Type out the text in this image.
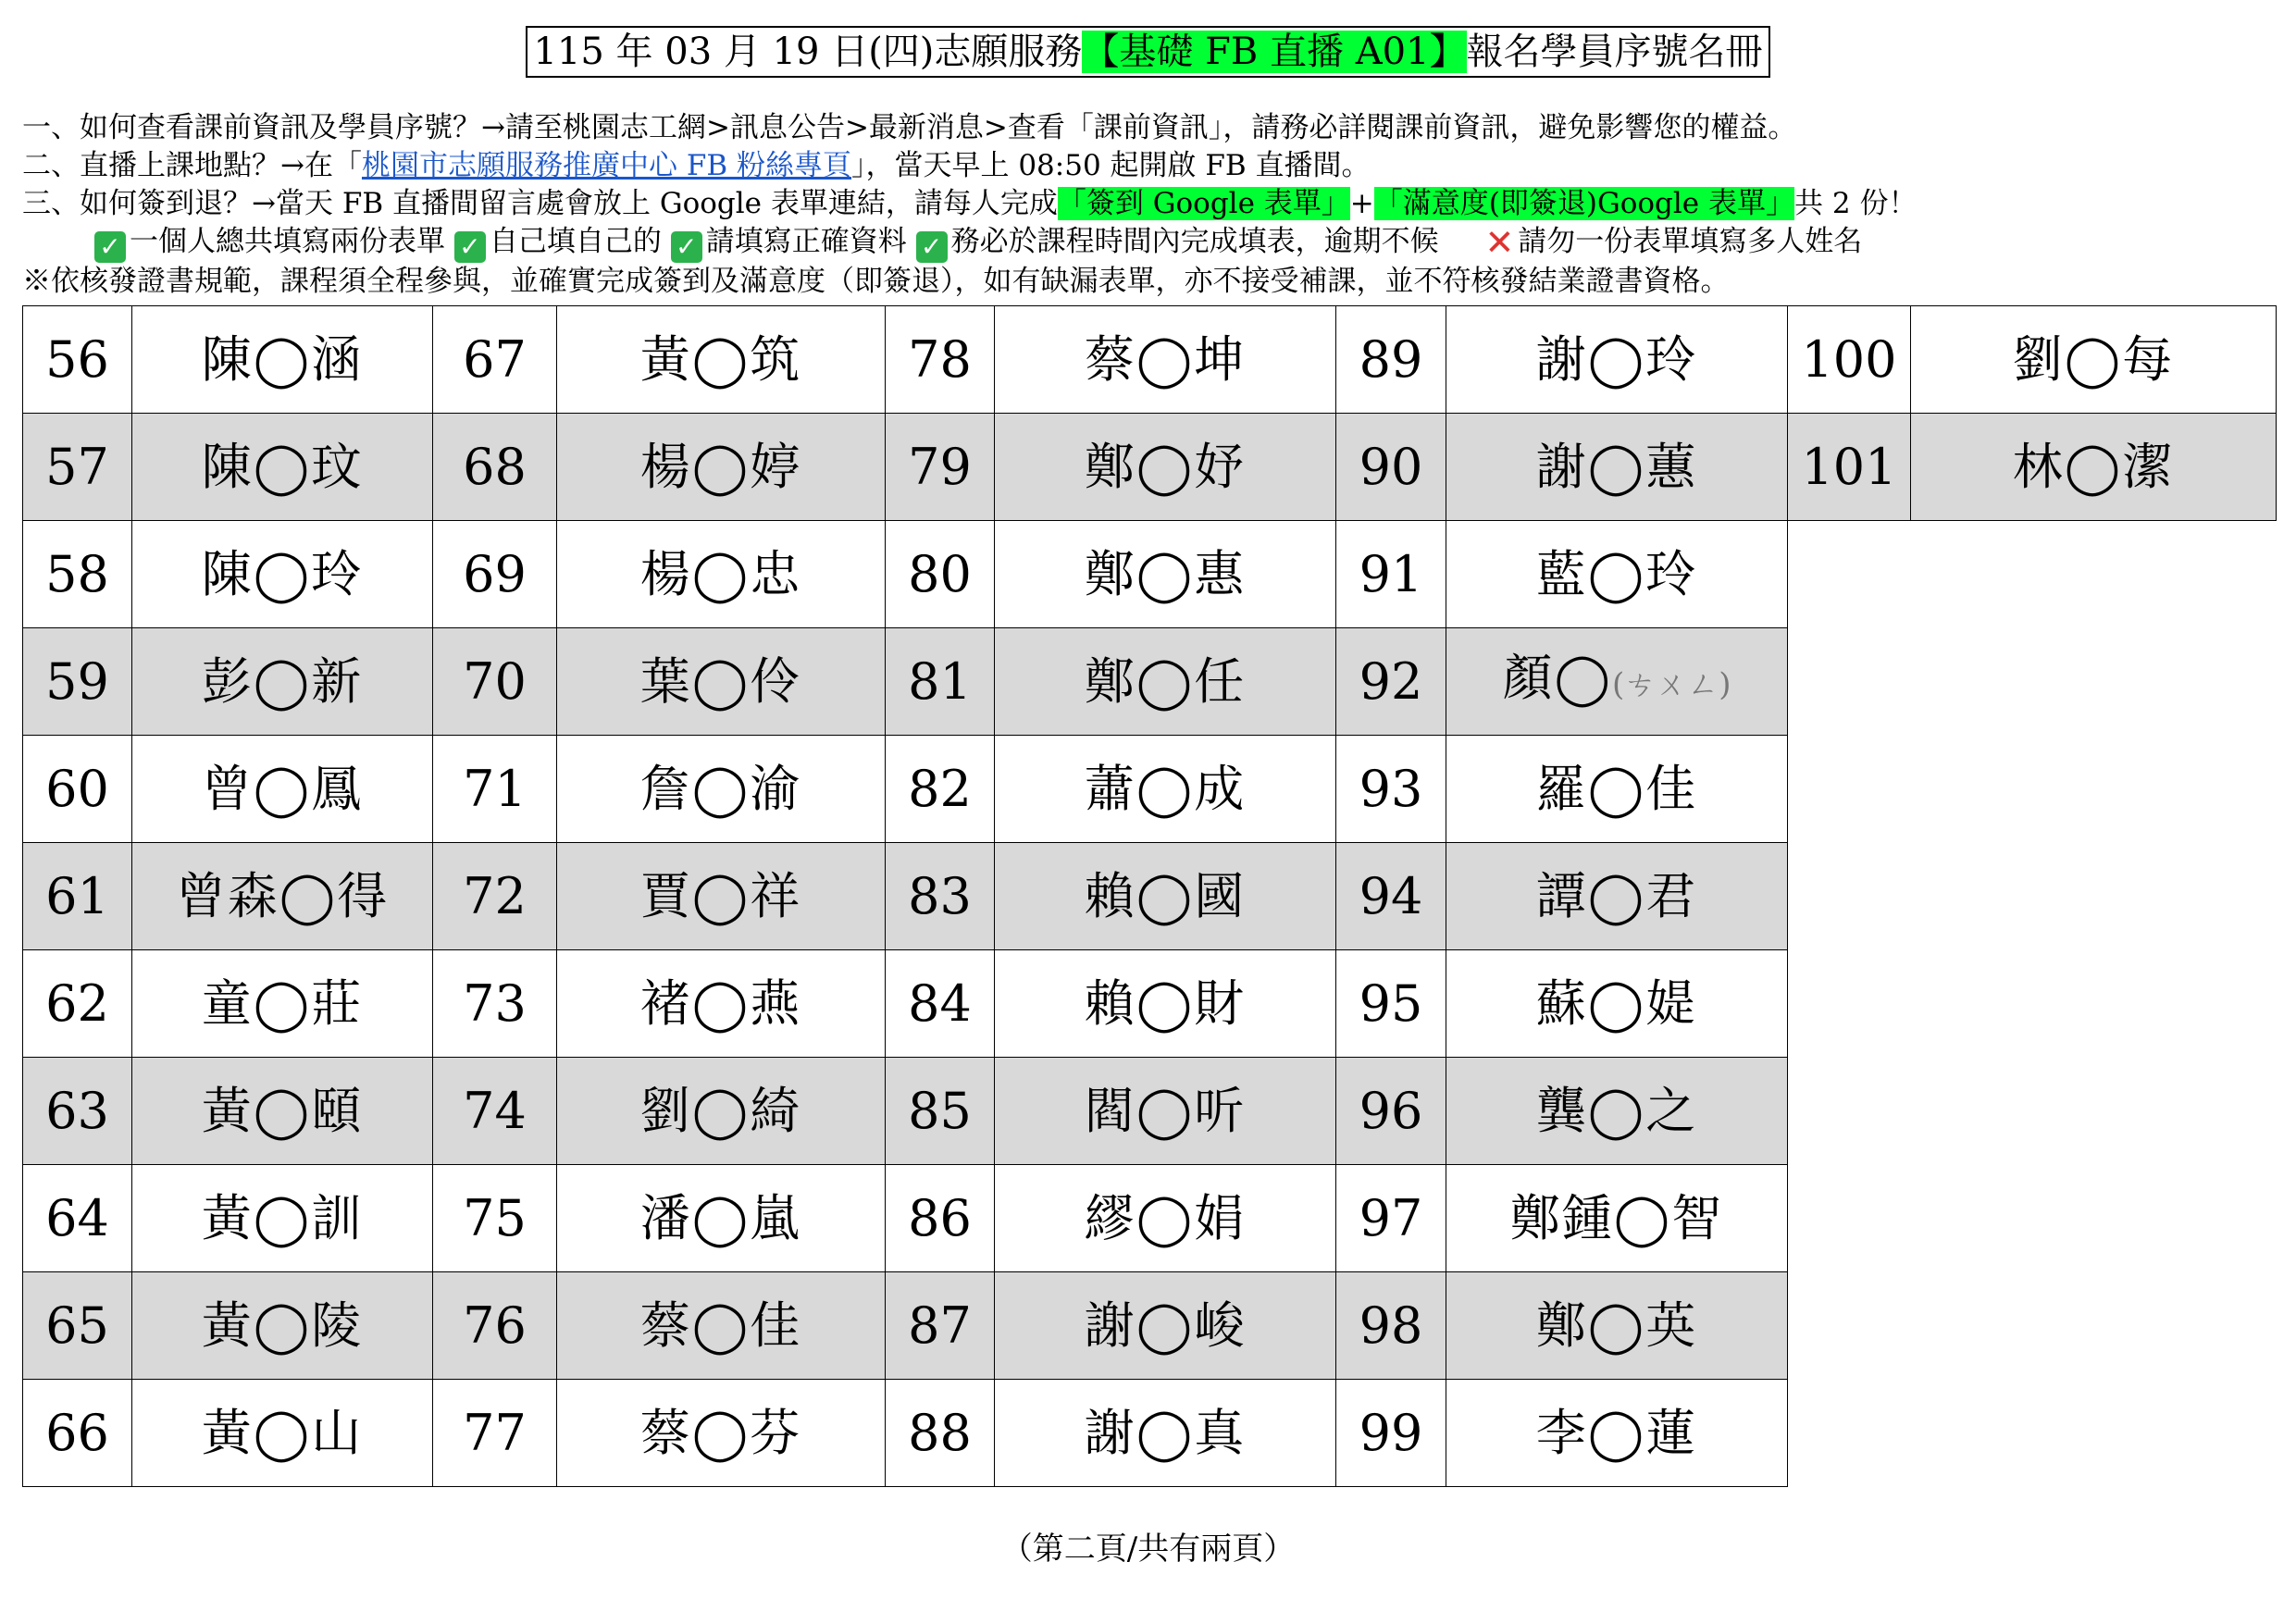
115 年 03 月 19 日(四)志願服務【基礎 FB 直播 A01】報名學員序號名冊
一、如何查看課前資訊及學員序號？→請至桃園志工網>訊息公告>最新消息>查看「課前資訊」，請務必詳閱課前資訊，避免影響您的權益。
二、直播上課地點？→在「桃園市志願服務推廣中心 FB 粉絲專頁」，當天早上 08:50 起開啟 FB 直播間。
三、如何簽到退？→當天 FB 直播間留言處會放上 Google 表單連結，請每人完成「簽到 Google 表單」+「滿意度(即簽退)Google 表單」共 2 份！
✓ 一個人總共填寫兩份表單 ✓ 自己填自己的 ✓ 請填寫正確資料 ✓ 務必於課程時間內完成填表，逾期不候 ✕ 請勿一份表單填寫多人姓名
※依核發證書規範，課程須全程參與，並確實完成簽到及滿意度（即簽退），如有缺漏表單，亦不接受補課，並不符核發結業證書資格。
56	陳◯涵	67	黃◯筑	78	蔡◯坤	89	謝◯玲	100	劉◯每
57	陳◯玟	68	楊◯婷	79	鄭◯妤	90	謝◯蕙	101	林◯潔
58	陳◯玲	69	楊◯忠	80	鄭◯惠	91	藍◯玲		
59	彭◯新	70	葉◯伶	81	鄭◯任	92	顏◯(ㄘㄨㄥ)		
60	曾◯鳳	71	詹◯渝	82	蕭◯成	93	羅◯佳		
61	曾森◯得	72	賈◯祥	83	賴◯國	94	譚◯君		
62	童◯莊	73	褚◯燕	84	賴◯財	95	蘇◯媞		
63	黃◯頤	74	劉◯綺	85	閻◯听	96	龔◯之		
64	黃◯訓	75	潘◯嵐	86	繆◯娟	97	鄭鍾◯智		
65	黃◯陵	76	蔡◯佳	87	謝◯峻	98	鄭◯英		
66	黃◯山	77	蔡◯芬	88	謝◯真	99	李◯蓮		
（第二頁/共有兩頁）
